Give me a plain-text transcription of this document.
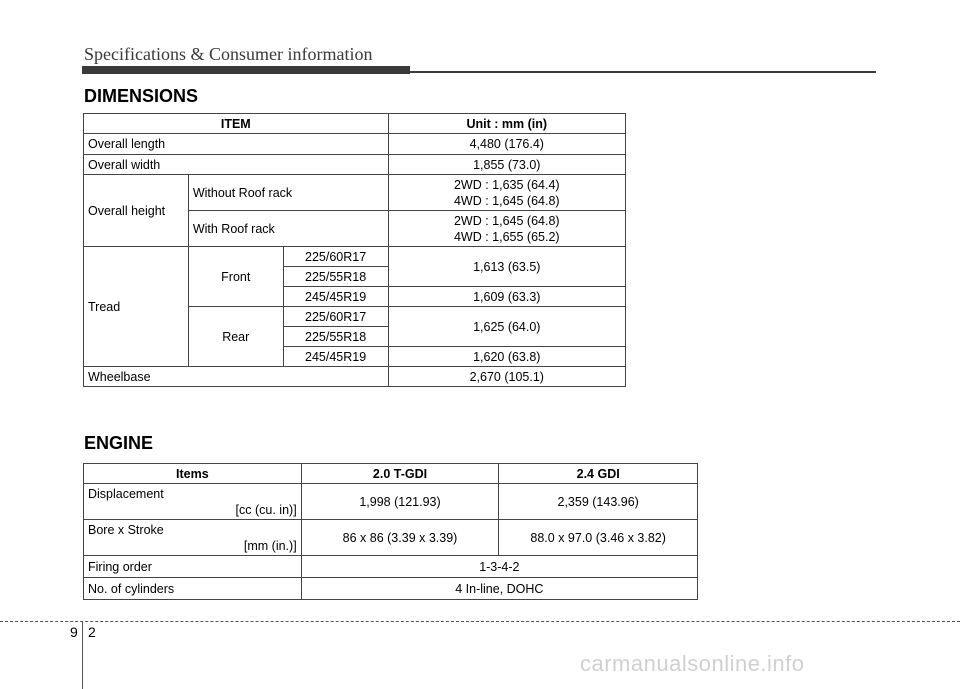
Specifications & Consumer information
DIMENSIONS
ITEM			Unit : mm (in)
Overall length			4,480 (176.4)
Overall width			1,855 (73.0)
Overall height	Without Roof rack		2WD : 1,635 (64.4)
4WD : 1,645 (64.8)

	With Roof rack		2WD : 1,645 (64.8)
4WD : 1,655 (65.2)

Tread	Front	225/60R17	1,613 (63.5)
		225/55R18	
		245/45R19	1,609 (63.3)
	Rear	225/60R17	1,625 (64.0)
		225/55R18	
		245/45R19	1,620 (63.8)
Wheelbase			2,670 (105.1)
ENGINE
Items	2.0 T-GDI	2.4 GDI

Displacement
[cc (cu. in)]	1,998 (121.93)	2,359 (143.96)

Bore x Stroke
[mm (in.)]	86 x 86 (3.39 x 3.39)	88.0 x 97.0 (3.46 x 3.82)
Firing order	1-3-4-2	
No. of cylinders	4 In-line, DOHC	
9 2
carmanualsonline.info
